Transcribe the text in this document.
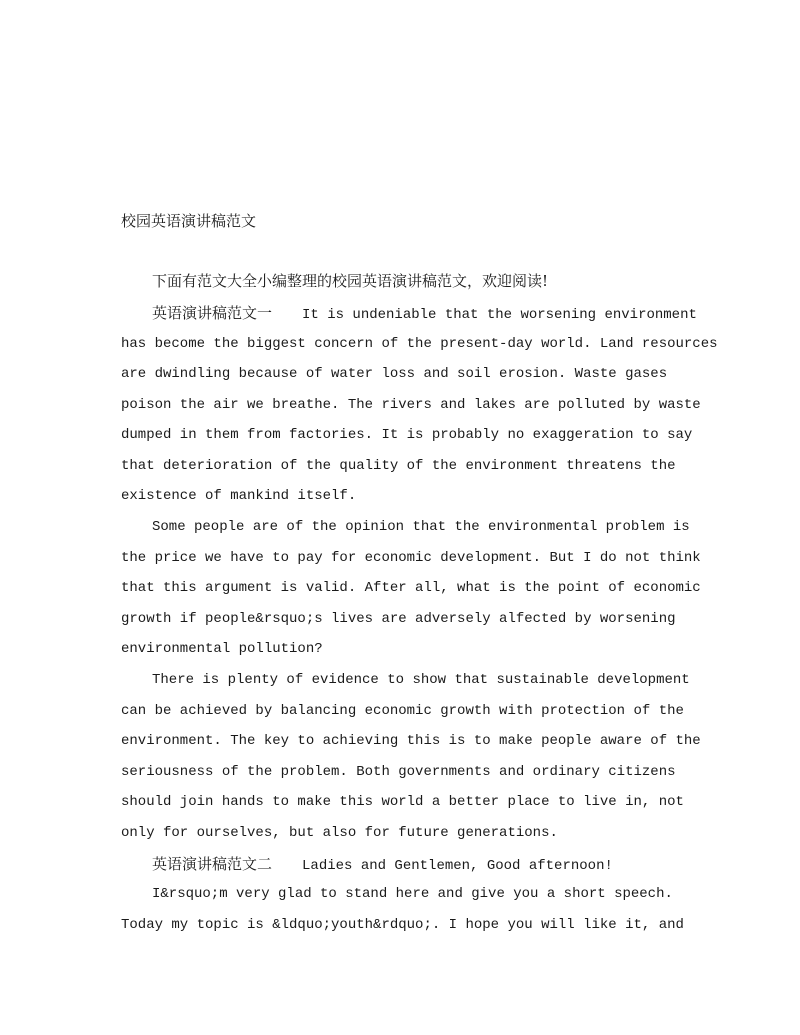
校园英语演讲稿范文

下面有范文大全小编整理的校园英语演讲稿范文，欢迎阅读!

英语演讲稿范文一 It is undeniable that the worsening environment

has become the biggest concern of the present-day world. Land resources

are dwindling because of water loss and soil erosion. Waste gases

poison the air we breathe. The rivers and lakes are polluted by waste

dumped in them from factories. It is probably no exaggeration to say

that deterioration of the quality of the environment threatens the

existence of mankind itself.

Some people are of the opinion that the environmental problem is

the price we have to pay for economic development. But I do not think

that this argument is valid. After all, what is the point of economic

growth if people&rsquo;s lives are adversely alfected by worsening

environmental pollution?

There is plenty of evidence to show that sustainable development

can be achieved by balancing economic growth with protection of the

environment. The key to achieving this is to make people aware of the

seriousness of the problem. Both governments and ordinary citizens

should join hands to make this world a better place to live in, not

only for ourselves, but also for future generations.

英语演讲稿范文二 Ladies and Gentlemen, Good afternoon!

I&rsquo;m very glad to stand here and give you a short speech.

Today my topic is &ldquo;youth&rdquo;. I hope you will like it, and
